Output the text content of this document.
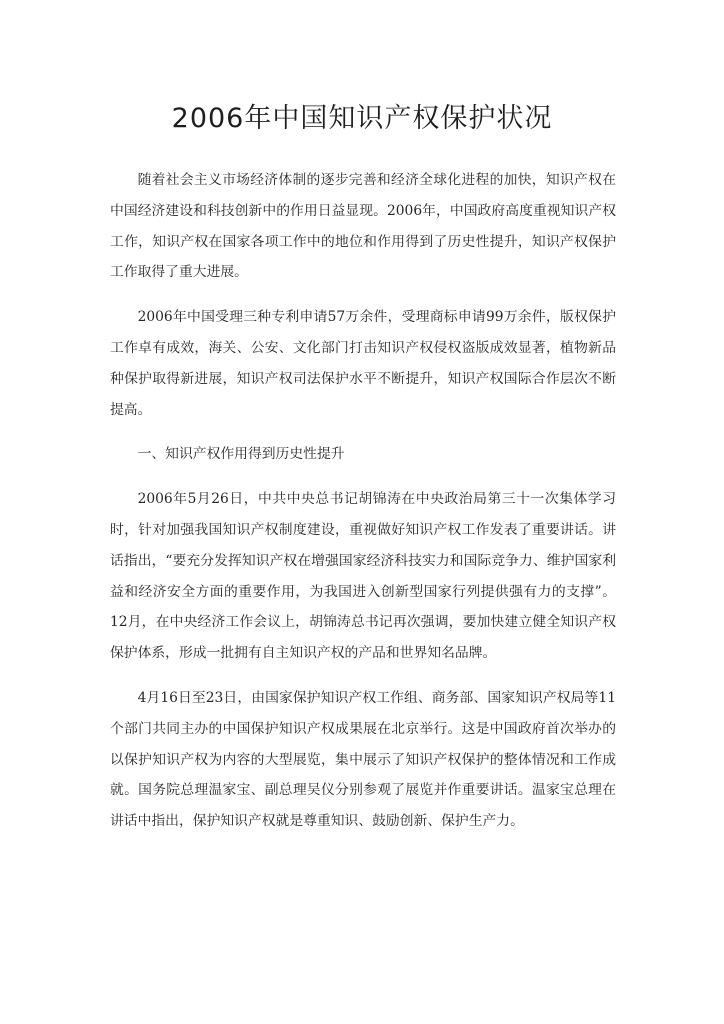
2006年中国知识产权保护状况

随着社会主义市场经济体制的逐步完善和经济全球化进程的加快，知识产权在中国经济建设和科技创新中的作用日益显现。2006年，中国政府高度重视知识产权工作，知识产权在国家各项工作中的地位和作用得到了历史性提升，知识产权保护工作取得了重大进展。

2006年中国受理三种专利申请57万余件，受理商标申请99万余件，版权保护工作卓有成效，海关、公安、文化部门打击知识产权侵权盗版成效显著，植物新品种保护取得新进展，知识产权司法保护水平不断提升，知识产权国际合作层次不断提高。

一、知识产权作用得到历史性提升

2006年5月26日，中共中央总书记胡锦涛在中央政治局第三十一次集体学习时，针对加强我国知识产权制度建设，重视做好知识产权工作发表了重要讲话。讲话指出，“要充分发挥知识产权在增强国家经济科技实力和国际竞争力、维护国家利益和经济安全方面的重要作用，为我国进入创新型国家行列提供强有力的支撑”。12月，在中央经济工作会议上，胡锦涛总书记再次强调，要加快建立健全知识产权保护体系，形成一批拥有自主知识产权的产品和世界知名品牌。

4月16日至23日，由国家保护知识产权工作组、商务部、国家知识产权局等11个部门共同主办的中国保护知识产权成果展在北京举行。这是中国政府首次举办的以保护知识产权为内容的大型展览，集中展示了知识产权保护的整体情况和工作成就。国务院总理温家宝、副总理吴仪分别参观了展览并作重要讲话。温家宝总理在讲话中指出，保护知识产权就是尊重知识、鼓励创新、保护生产力。
